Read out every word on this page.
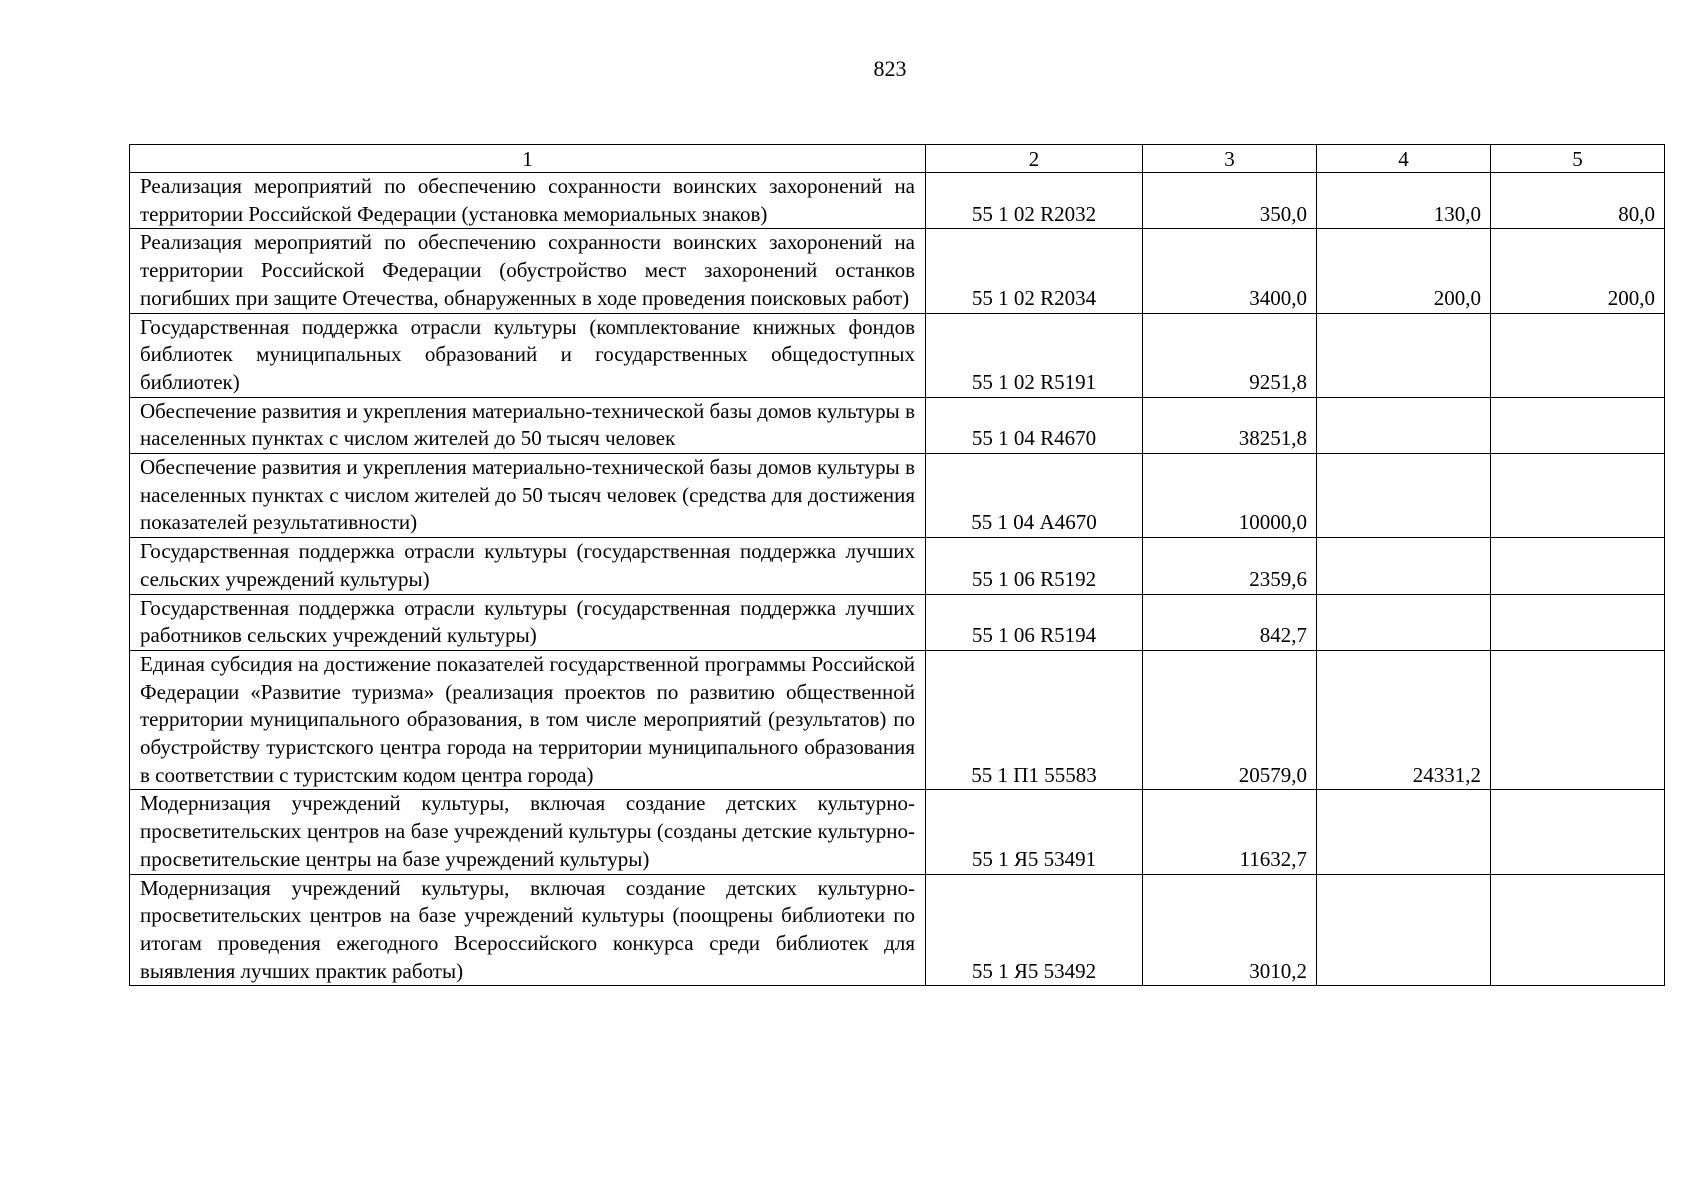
823
1	2	3	4	5
Реализация мероприятий по обеспечению сохранности воинских захоронений на территории Российской Федерации (установка мемориальных знаков)	55 1 02 R2032	350,0	130,0	80,0
Реализация мероприятий по обеспечению сохранности воинских захоронений на территории Российской Федерации (обустройство мест захоронений останков погибших при защите Отечества, обнаруженных в ходе проведения поисковых работ)	55 1 02 R2034	3400,0	200,0	200,0
Государственная поддержка отрасли культуры (комплектование книжных фондов библиотек муниципальных образований и государственных общедоступных библиотек)	55 1 02 R5191	9251,8		
Обеспечение развития и укрепления материально-технической базы домов культуры в населенных пунктах с числом жителей до 50 тысяч человек	55 1 04 R4670	38251,8		
Обеспечение развития и укрепления материально-технической базы домов культуры в населенных пунктах с числом жителей до 50 тысяч человек (средства для достижения показателей результативности)	55 1 04 А4670	10000,0		
Государственная поддержка отрасли культуры (государственная поддержка лучших сельских учреждений культуры)	55 1 06 R5192	2359,6		
Государственная поддержка отрасли культуры (государственная поддержка лучших работников сельских учреждений культуры)	55 1 06 R5194	842,7		
Единая субсидия на достижение показателей государственной программы Российской Федерации «Развитие туризма» (реализация проектов по развитию общественной территории муниципального образования, в том числе мероприятий (результатов) по обустройству туристского центра города на территории муниципального образования в соответствии с туристским кодом центра города)	55 1 П1 55583	20579,0	24331,2	
Модернизация учреждений культуры, включая создание детских культурно-просветительских центров на базе учреждений культуры (созданы детские культурно-просветительские центры на базе учреждений культуры)	55 1 Я5 53491	11632,7		
Модернизация учреждений культуры, включая создание детских культурно-просветительских центров на базе учреждений культуры (поощрены библиотеки по итогам проведения ежегодного Всероссийского конкурса среди библиотек для выявления лучших практик работы)	55 1 Я5 53492	3010,2		
